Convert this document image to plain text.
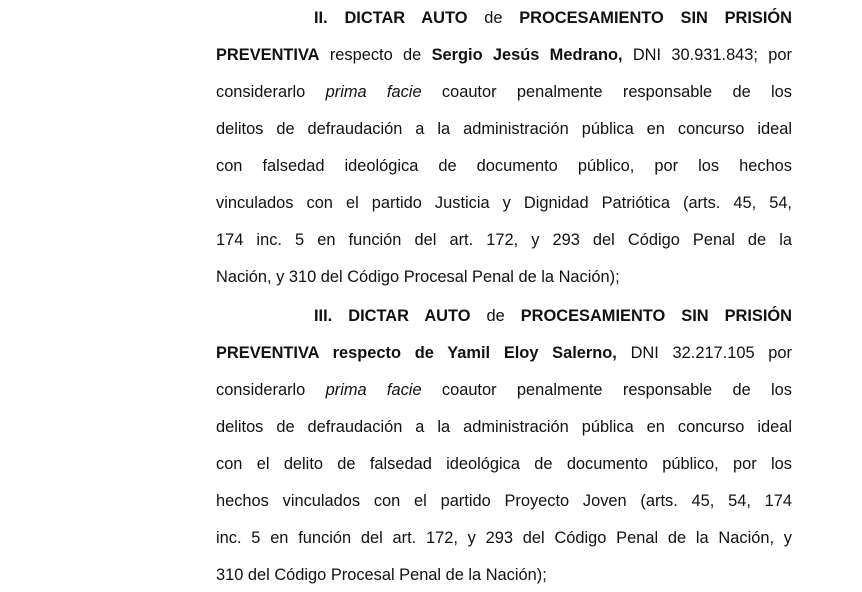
II. DICTAR AUTO de PROCESAMIENTO SIN PRISIÓN
PREVENTIVA respecto de Sergio Jesús Medrano, DNI 30.931.843; por
considerarlo prima facie coautor penalmente responsable de los
delitos de defraudación a la administración pública en concurso ideal
con falsedad ideológica de documento público, por los hechos
vinculados con el partido Justicia y Dignidad Patriótica (arts. 45, 54,
174 inc. 5 en función del art. 172, y 293 del Código Penal de la
Nación, y 310 del Código Procesal Penal de la Nación);
III. DICTAR AUTO de PROCESAMIENTO SIN PRISIÓN
PREVENTIVA respecto de Yamil Eloy Salerno, DNI 32.217.105 por
considerarlo prima facie coautor penalmente responsable de los
delitos de defraudación a la administración pública en concurso ideal
con el delito de falsedad ideológica de documento público, por los
hechos vinculados con el partido Proyecto Joven (arts. 45, 54, 174
inc. 5 en función del art. 172, y 293 del Código Penal de la Nación, y
310 del Código Procesal Penal de la Nación);
